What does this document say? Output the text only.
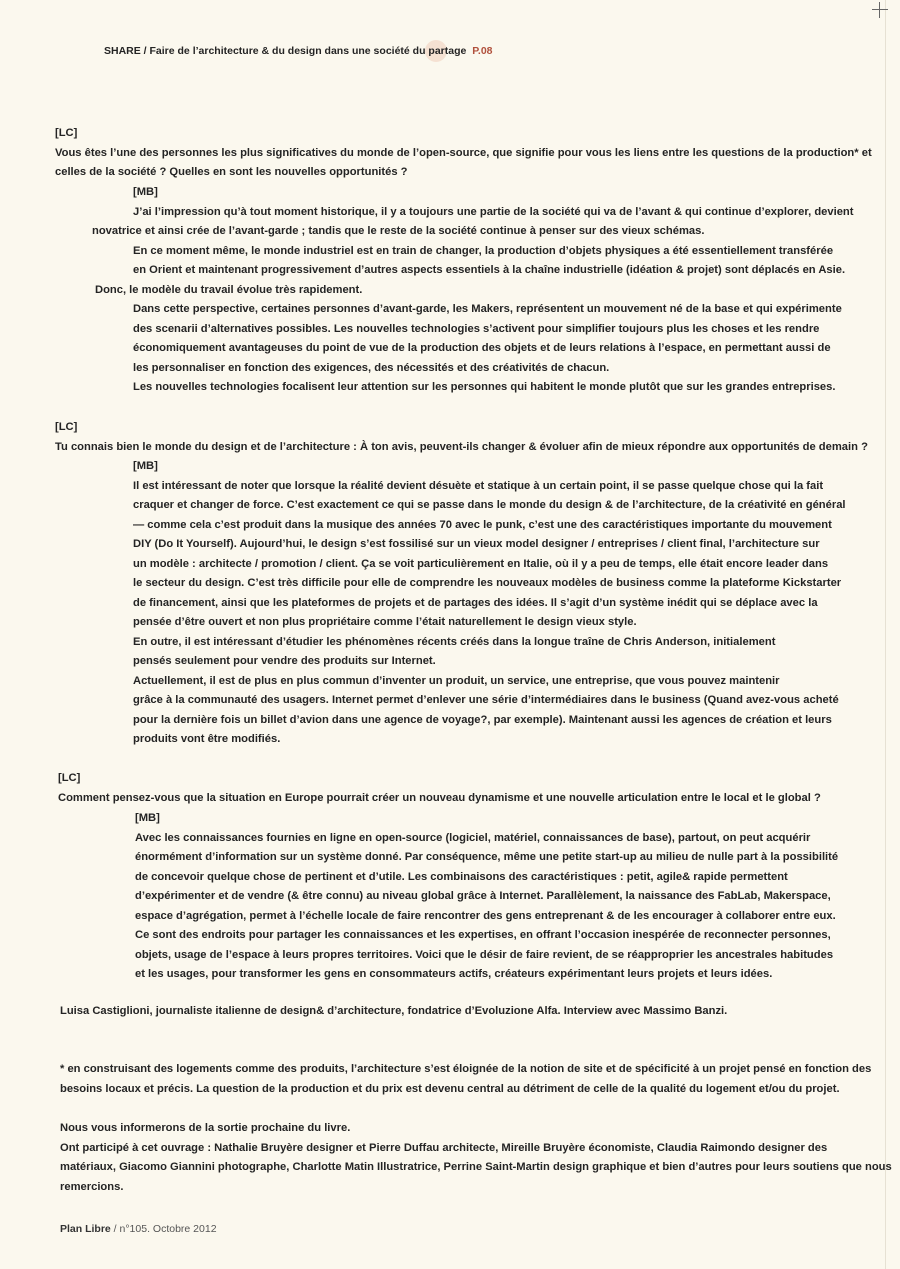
SHARE / Faire de l’architecture & du design dans une société du partage P.08

[LC]

Vous êtes l’une des personnes les plus significatives du monde de l’open-source, que signifie pour vous les liens entre les questions de la production* et

celles de la société ? Quelles en sont les nouvelles opportunités ?

[MB]

J’ai l’impression qu’à tout moment historique, il y a toujours une partie de la société qui va de l’avant & qui continue d’explorer, devient

novatrice et ainsi crée de l’avant-garde ; tandis que le reste de la société continue à penser sur des vieux schémas.

En ce moment même, le monde industriel est en train de changer, la production d’objets physiques a été essentiellement transférée

en Orient et maintenant progressivement d’autres aspects essentiels à la chaîne industrielle (idéation & projet) sont déplacés en Asie.

Donc, le modèle du travail évolue très rapidement.

Dans cette perspective, certaines personnes d’avant-garde, les Makers, représentent un mouvement né de la base et qui expérimente

des scenarii d’alternatives possibles. Les nouvelles technologies s’activent pour simplifier toujours plus les choses et les rendre

économiquement avantageuses du point de vue de la production des objets et de leurs relations à l’espace, en permettant aussi de

les personnaliser en fonction des exigences, des nécessités et des créativités de chacun.

Les nouvelles technologies focalisent leur attention sur les personnes qui habitent le monde plutôt que sur les grandes entreprises.

[LC]

Tu connais bien le monde du design et de l’architecture : À ton avis, peuvent-ils changer & évoluer afin de mieux répondre aux opportunités de demain ?

[MB]

Il est intéressant de noter que lorsque la réalité devient désuète et statique à un certain point, il se passe quelque chose qui la fait

craquer et changer de force. C’est exactement ce qui se passe dans le monde du design & de l’architecture, de la créativité en général

— comme cela c’est produit dans la musique des années 70 avec le punk, c’est une des caractéristiques importante du mouvement

DIY (Do It Yourself). Aujourd’hui, le design s’est fossilisé sur un vieux model designer / entreprises / client final, l’architecture sur

un modèle : architecte / promotion / client. Ça se voit particulièrement en Italie, où il y a peu de temps, elle était encore leader dans

le secteur du design. C’est très difficile pour elle de comprendre les nouveaux modèles de business comme la plateforme Kickstarter

de financement, ainsi que les plateformes de projets et de partages des idées. Il s’agit d’un système inédit qui se déplace avec la

pensée d’être ouvert et non plus propriétaire comme l’était naturellement le design vieux style.

En outre, il est intéressant d’étudier les phénomènes récents créés dans la longue traîne de Chris Anderson, initialement

pensés seulement pour vendre des produits sur Internet.

Actuellement, il est de plus en plus commun d’inventer un produit, un service, une entreprise, que vous pouvez maintenir

grâce à la communauté des usagers. Internet permet d’enlever une série d’intermédiaires dans le business (Quand avez-vous acheté

pour la dernière fois un billet d’avion dans une agence de voyage?, par exemple). Maintenant aussi les agences de création et leurs

produits vont être modifiés.

[LC]

Comment pensez-vous que la situation en Europe pourrait créer un nouveau dynamisme et une nouvelle articulation entre le local et le global ?

[MB]

Avec les connaissances fournies en ligne en open-source (logiciel, matériel, connaissances de base), partout, on peut acquérir

énormément d’information sur un système donné. Par conséquence, même une petite start-up au milieu de nulle part à la possibilité

de concevoir quelque chose de pertinent et d’utile. Les combinaisons des caractéristiques : petit, agile& rapide permettent

d’expérimenter et de vendre (& être connu) au niveau global grâce à Internet. Parallèlement, la naissance des FabLab, Makerspace,

espace d’agrégation, permet à l’échelle locale de faire rencontrer des gens entreprenant & de les encourager à collaborer entre eux.

Ce sont des endroits pour partager les connaissances et les expertises, en offrant l’occasion inespérée de reconnecter personnes,

objets, usage de l’espace à leurs propres territoires. Voici que le désir de faire revient, de se réapproprier les ancestrales habitudes

et les usages, pour transformer les gens en consommateurs actifs, créateurs expérimentant leurs projets et leurs idées.

Luisa Castiglioni, journaliste italienne de design& d’architecture, fondatrice d’Evoluzione Alfa. Interview avec Massimo Banzi.

* en construisant des logements comme des produits, l’architecture s’est éloignée de la notion de site et de spécificité à un projet pensé en fonction des

besoins locaux et précis. La question de la production et du prix est devenu central au détriment de celle de la qualité du logement et/ou du projet.

Nous vous informerons de la sortie prochaine du livre.

Ont participé à cet ouvrage : Nathalie Bruyère designer et Pierre Duffau architecte, Mireille Bruyère économiste, Claudia Raimondo designer des

matériaux, Giacomo Giannini photographe, Charlotte Matin Illustratrice, Perrine Saint-Martin design graphique et bien d’autres pour leurs soutiens que nous

remercions.

Plan Libre / n°105. Octobre 2012
